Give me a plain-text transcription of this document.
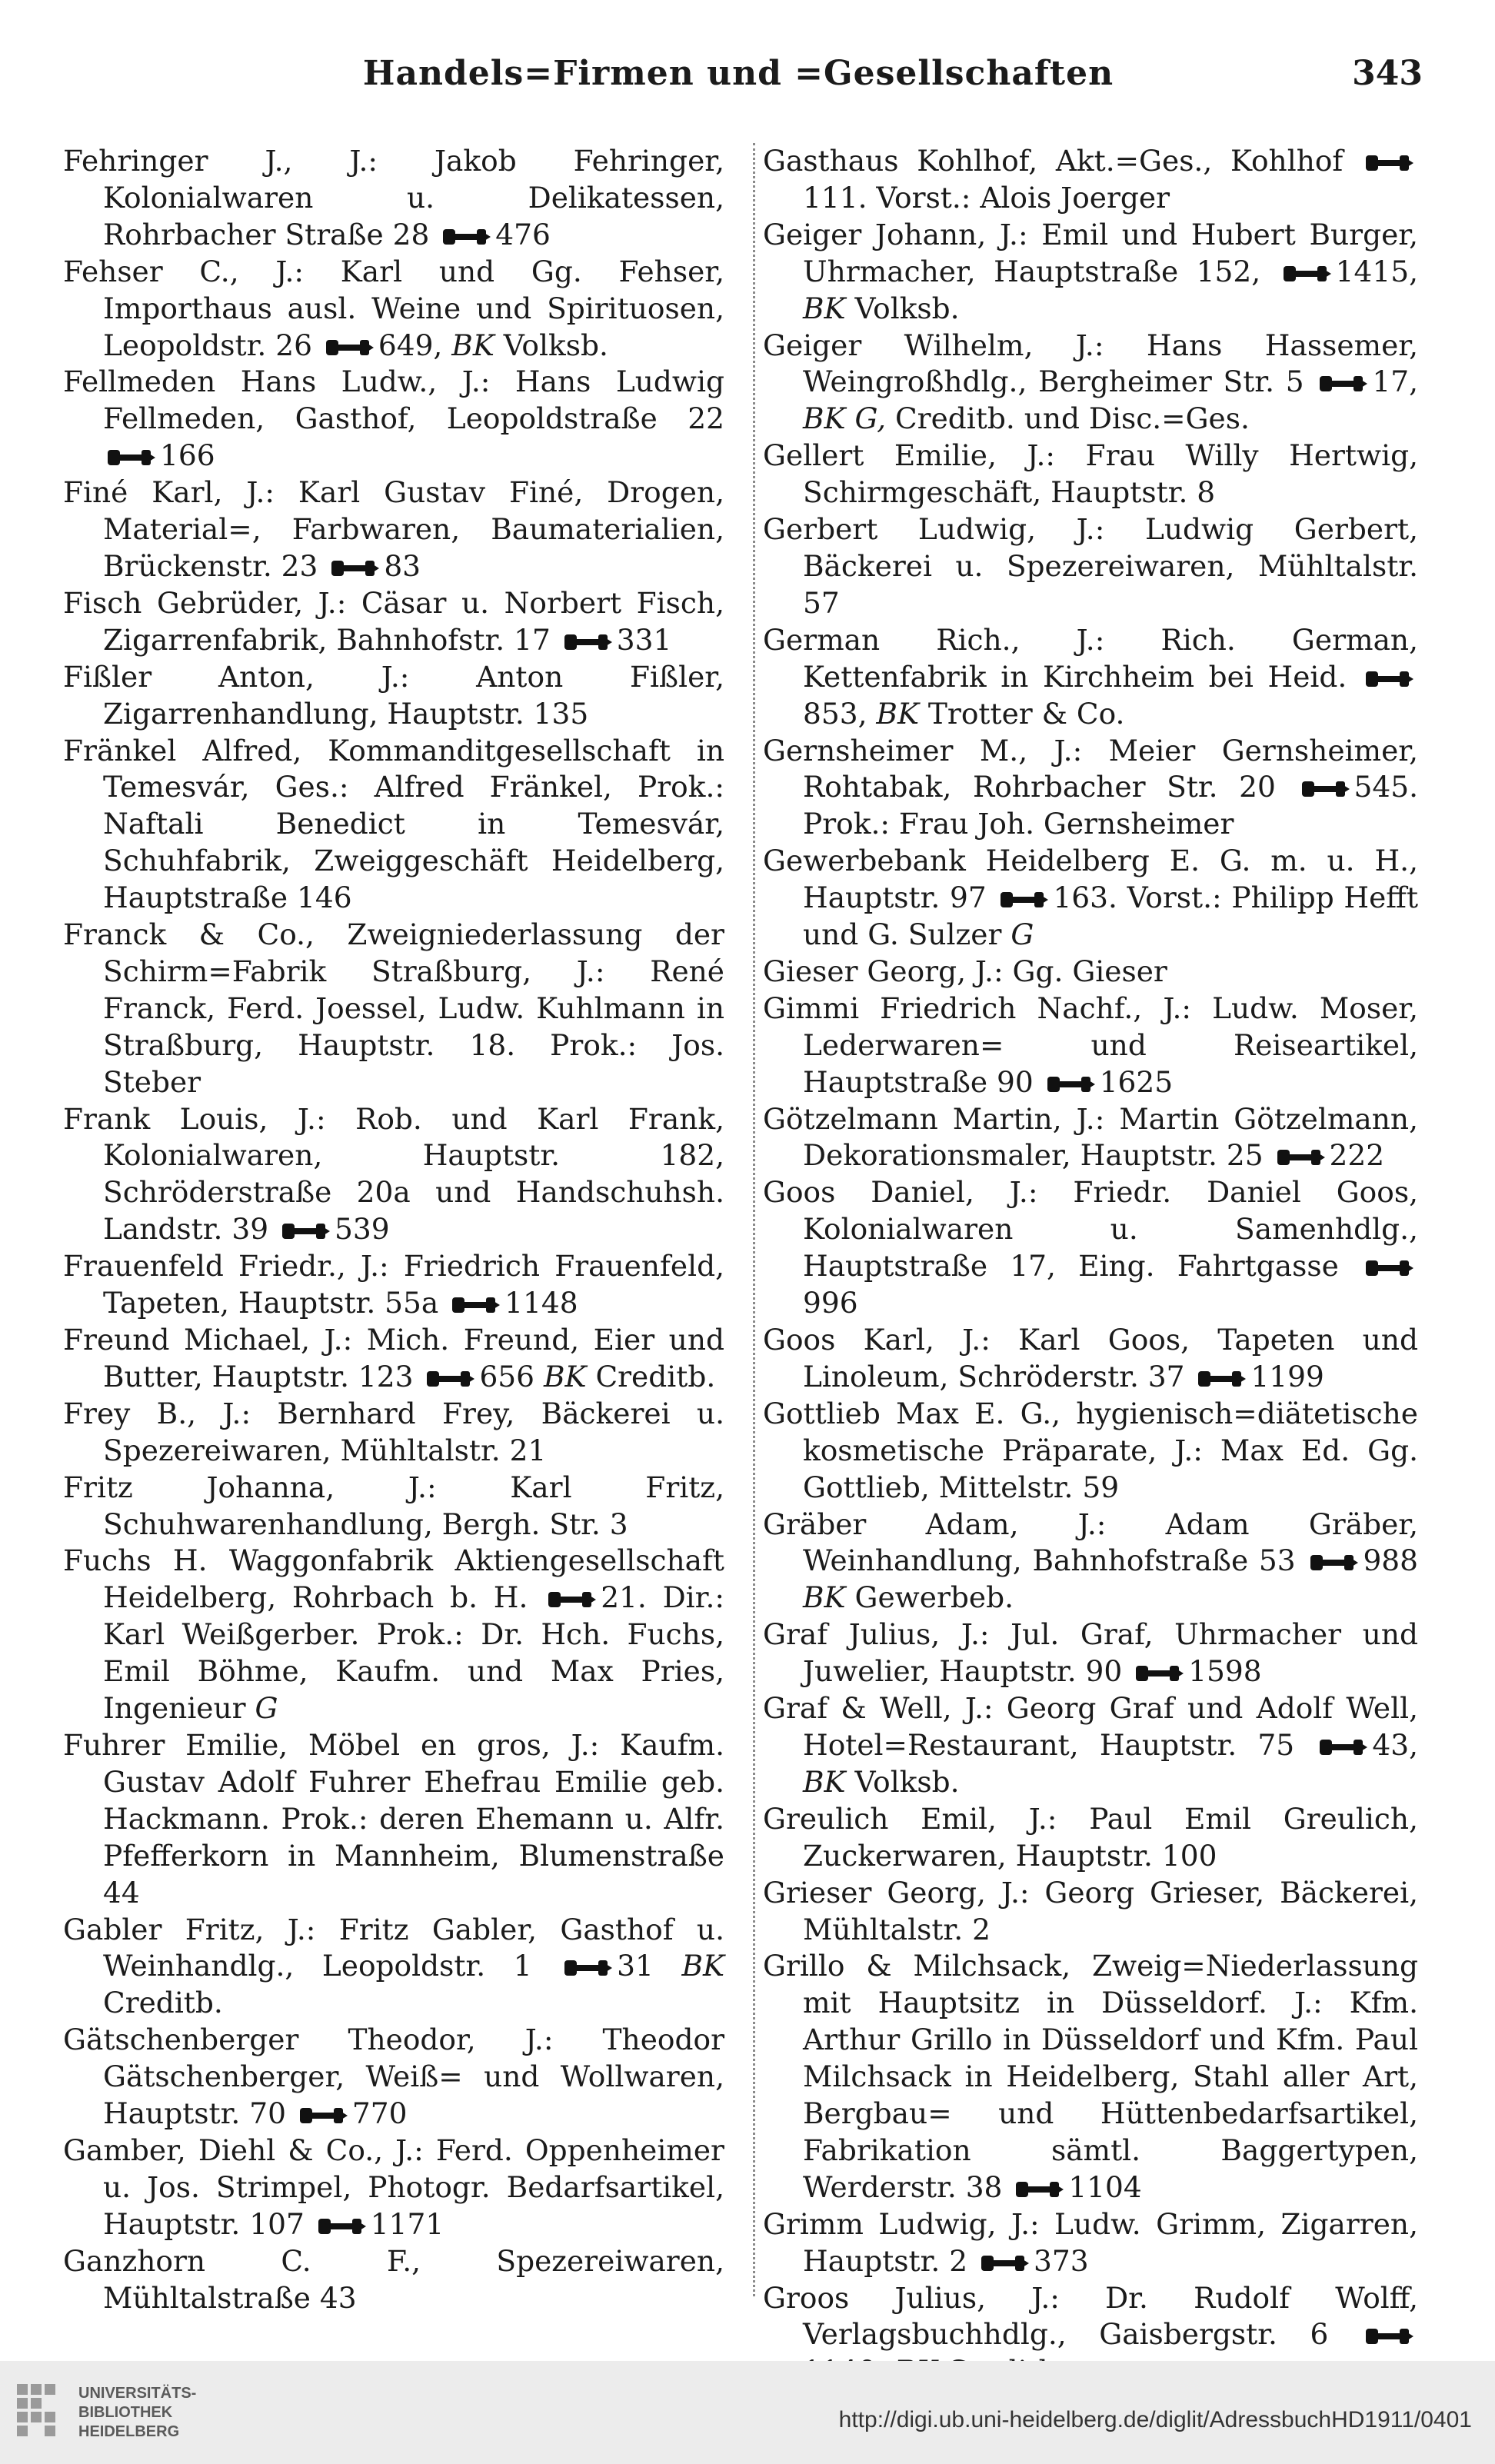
Handels=Firmen und =Gesellschaften	343

Fehringer J., J.: Jakob Fehringer, Kolonialwaren u. Delikatessen, Rohrbacher Straße 28 476

Fehser C., J.: Karl und Gg. Fehser, Importhaus ausl. Weine und Spirituosen, Leopoldstr. 26 649, BK Volksb.

Fellmeden Hans Ludw., J.: Hans Ludwig Fellmeden, Gasthof, Leopoldstraße 22 166

Finé Karl, J.: Karl Gustav Finé, Drogen, Material=, Farbwaren, Baumaterialien, Brückenstr. 23 83

Fisch Gebrüder, J.: Cäsar u. Norbert Fisch, Zigarrenfabrik, Bahnhofstr. 17 331

Fißler Anton, J.: Anton Fißler, Zigarrenhandlung, Hauptstr. 135

Fränkel Alfred, Kommanditgesellschaft in Temesvár, Ges.: Alfred Fränkel, Prok.: Naftali Benedict in Temesvár, Schuhfabrik, Zweiggeschäft Heidelberg, Hauptstraße 146

Franck & Co., Zweigniederlassung der Schirm=Fabrik Straßburg, J.: René Franck, Ferd. Joessel, Ludw. Kuhlmann in Straßburg, Hauptstr. 18. Prok.: Jos. Steber

Frank Louis, J.: Rob. und Karl Frank, Kolonialwaren, Hauptstr. 182, Schröderstraße 20a und Handschuhsh. Landstr. 39 539

Frauenfeld Friedr., J.: Friedrich Frauenfeld, Tapeten, Hauptstr. 55a 1148

Freund Michael, J.: Mich. Freund, Eier und Butter, Hauptstr. 123 656 BK Creditb.

Frey B., J.: Bernhard Frey, Bäckerei u. Spezereiwaren, Mühltalstr. 21

Fritz Johanna, J.: Karl Fritz, Schuhwarenhandlung, Bergh. Str. 3

Fuchs H. Waggonfabrik Aktiengesellschaft Heidelberg, Rohrbach b. H.	21. Dir.: Karl Weißgerber. Prok.: Dr. Hch. Fuchs, Emil Böhme, Kaufm. und Max Pries, Ingenieur G

Fuhrer Emilie, Möbel en gros, J.: Kaufm. Gustav Adolf Fuhrer Ehefrau Emilie geb. Hackmann. Prok.: deren Ehemann u. Alfr. Pfefferkorn in Mannheim, Blumenstraße 44

Gabler Fritz, J.: Fritz Gabler, Gasthof u. Weinhandlg., Leopoldstr. 1	31 BK Creditb.

Gätschenberger Theodor, J.: Theodor Gätschenberger, Weiß= und Wollwaren, Hauptstr. 70 770

Gamber, Diehl & Co., J.: Ferd. Oppenheimer u. Jos. Strimpel, Photogr. Bedarfsartikel, Hauptstr. 107 1171

Ganzhorn C. F., Spezereiwaren, Mühltalstraße 43

Gasthaus Kohlhof, Akt.=Ges., Kohlhof 111. Vorst.: Alois Joerger

Geiger Johann, J.: Emil und Hubert Burger, Uhrmacher, Hauptstraße 152,	1415, BK Volksb.

Geiger Wilhelm, J.: Hans Hassemer, Weingroßhdlg., Bergheimer Str. 5 17, BK G, Creditb. und Disc.=Ges.

Gellert Emilie, J.: Frau Willy Hertwig, Schirmgeschäft, Hauptstr. 8

Gerbert Ludwig, J.: Ludwig Gerbert, Bäckerei u. Spezereiwaren, Mühltalstr. 57

German Rich., J.: Rich. German, Kettenfabrik in Kirchheim bei Heid. 853, BK Trotter & Co.

Gernsheimer M., J.: Meier Gernsheimer, Rohtabak, Rohrbacher Str. 20	545. Prok.: Frau Joh. Gernsheimer

Gewerbebank Heidelberg E. G. m. u. H., Hauptstr. 97 163. Vorst.: Philipp Hefft und G. Sulzer G

Gieser Georg, J.: Gg. Gieser

Gimmi Friedrich Nachf., J.: Ludw. Moser, Lederwaren= und Reiseartikel, Hauptstraße 90 1625

Götzelmann Martin, J.: Martin Götzelmann, Dekorationsmaler, Hauptstr. 25 222

Goos Daniel, J.: Friedr. Daniel Goos, Kolonialwaren u. Samenhdlg., Hauptstraße 17, Eing. Fahrtgasse 996

Goos Karl, J.: Karl Goos, Tapeten und Linoleum, Schröderstr. 37 1199

Gottlieb Max E. G., hygienisch=diätetische kosmetische Präparate, J.: Max Ed. Gg. Gottlieb, Mittelstr. 59

Gräber Adam, J.: Adam Gräber, Weinhandlung, Bahnhofstraße 53 988 BK Gewerbeb.

Graf Julius, J.: Jul. Graf, Uhrmacher und Juwelier, Hauptstr. 90 1598

Graf & Well, J.: Georg Graf und Adolf Well, Hotel=Restaurant, Hauptstr. 75	43, BK Volksb.

Greulich Emil, J.: Paul Emil Greulich, Zuckerwaren, Hauptstr. 100

Grieser Georg, J.: Georg Grieser, Bäckerei, Mühltalstr. 2

Grillo & Milchsack, Zweig=Niederlassung mit Hauptsitz in Düsseldorf. J.: Kfm. Arthur Grillo in Düsseldorf und Kfm. Paul Milchsack in Heidelberg, Stahl aller Art, Bergbau= und Hüttenbedarfsartikel, Fabrikation sämtl. Baggertypen, Werderstr. 38 1104

Grimm Ludwig, J.: Ludw. Grimm, Zigarren, Hauptstr. 2 373

Groos Julius, J.: Dr. Rudolf Wolff, Verlagsbuchhdlg., Gaisbergstr. 6

UNIVERSITÄTS-
BIBLIOTHEK
HEIDELBERG	http://digi.ub.uni-heidelberg.de/diglit/AdressbuchHD1911/0401
